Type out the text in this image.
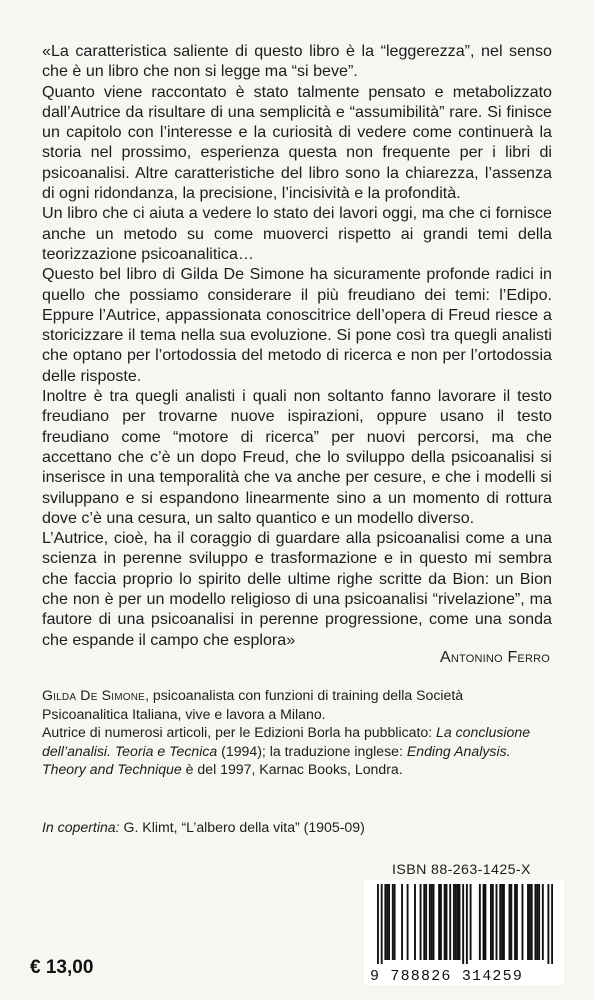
«La caratteristica saliente di questo libro è la “leggerezza”, nel senso che è un libro che non si legge ma “si beve”.

Quanto viene raccontato è stato talmente pensato e metabolizzato dall’Autrice da risultare di una semplicità e “assumibilità” rare. Si finisce un capitolo con l’interesse e la curiosità di vedere come continuerà la storia nel prossimo, esperienza questa non frequente per i libri di psicoanalisi. Altre caratteristiche del libro sono la chiarezza, l’assenza di ogni ridondanza, la precisione, l’incisività e la profondità.

Un libro che ci aiuta a vedere lo stato dei lavori oggi, ma che ci fornisce anche un metodo su come muoverci rispetto ai grandi temi della teorizzazione psicoanalitica…

Questo bel libro di Gilda De Simone ha sicuramente profonde radici in quello che possiamo considerare il più freudiano dei temi: l’Edipo. Eppure l’Autrice, appassionata conoscitrice dell’opera di Freud riesce a storicizzare il tema nella sua evoluzione. Si pone così tra quegli analisti che optano per l’ortodossia del metodo di ricerca e non per l’ortodossia delle risposte.

Inoltre è tra quegli analisti i quali non soltanto fanno lavorare il testo freudiano per trovarne nuove ispirazioni, oppure usano il testo freudiano come “motore di ricerca” per nuovi percorsi, ma che accettano che c’è un dopo Freud, che lo sviluppo della psicoanalisi si inserisce in una temporalità che va anche per cesure, e che i modelli si sviluppano e si espandono linearmente sino a un momento di rottura dove c’è una cesura, un salto quantico e un modello diverso.

L’Autrice, cioè, ha il coraggio di guardare alla psicoanalisi come a una scienza in perenne sviluppo e trasformazione e in questo mi sembra che faccia proprio lo spirito delle ultime righe scritte da Bion: un Bion che non è per un modello religioso di una psicoanalisi “rivelazione”, ma fautore di una psicoanalisi in perenne progressione, come una sonda che espande il campo che esplora»

Antonino Ferro

Gilda De Simone, psicoanalista con funzioni di training della Società Psicoanalitica Italiana, vive e lavora a Milano.

Autrice di numerosi articoli, per le Edizioni Borla ha pubblicato: La conclusione dell’analisi. Teoria e Tecnica (1994); la traduzione inglese: Ending Analysis. Theory and Technique è del 1997, Karnac Books, Londra.

In copertina: G. Klimt, “L’albero della vita” (1905-09)
ISBN 88-263-1425-X
9 788826 314259
€ 13,00
